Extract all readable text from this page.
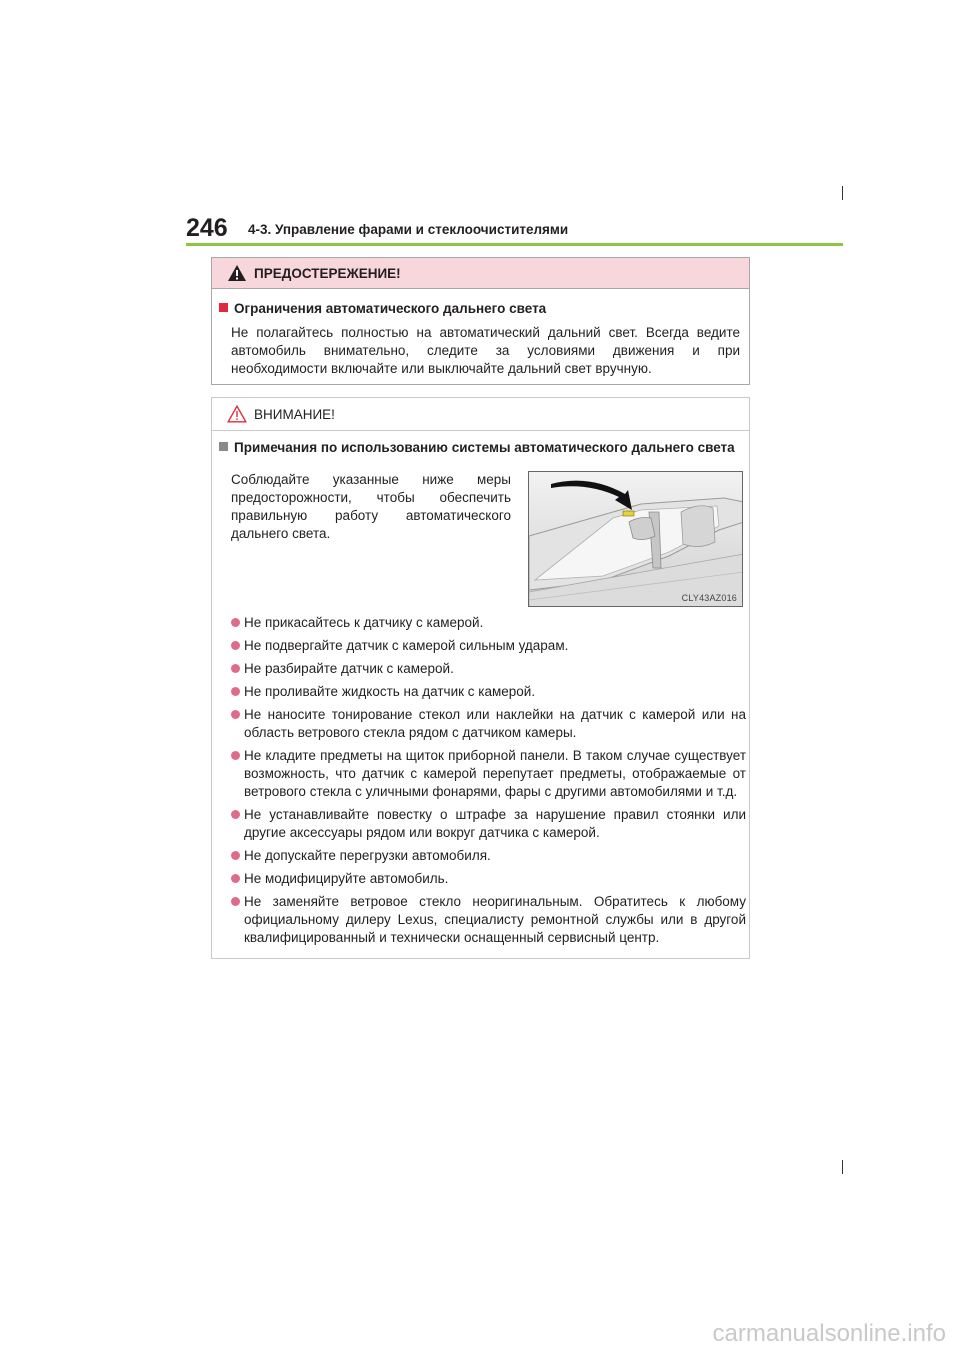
246 4-3. Управление фарами и стеклоочистителями
ПРЕДОСТЕРЕЖЕНИЕ!
Ограничения автоматического дальнего света
Не полагайтесь полностью на автоматический дальний свет. Всегда ведите автомобиль внимательно, следите за условиями движения и при необходимости включайте или выключайте дальний свет вручную.
ВНИМАНИЕ!
Примечания по использованию системы автоматического дальнего света
Соблюдайте указанные ниже меры предосторожности, чтобы обеспечить правильную работу автоматического дальнего света.
CLY43AZ016
Не прикасайтесь к датчику с камерой.
Не подвергайте датчик с камерой сильным ударам.
Не разбирайте датчик с камерой.
Не проливайте жидкость на датчик с камерой.
Не наносите тонирование стекол или наклейки на датчик с камерой или на область ветрового стекла рядом с датчиком камеры.
Не кладите предметы на щиток приборной панели. В таком случае существует возможность, что датчик с камерой перепутает предметы, отображаемые от ветрового стекла с уличными фонарями, фары с другими автомобилями и т.д.
Не устанавливайте повестку о штрафе за нарушение правил стоянки или другие аксессуары рядом или вокруг датчика с камерой.
Не допускайте перегрузки автомобиля.
Не модифицируйте автомобиль.
Не заменяйте ветровое стекло неоригинальным. Обратитесь к любому официальному дилеру Lexus, специалисту ремонтной службы или в другой квалифицированный и технически оснащенный сервисный центр.
carmanualsonline.info
